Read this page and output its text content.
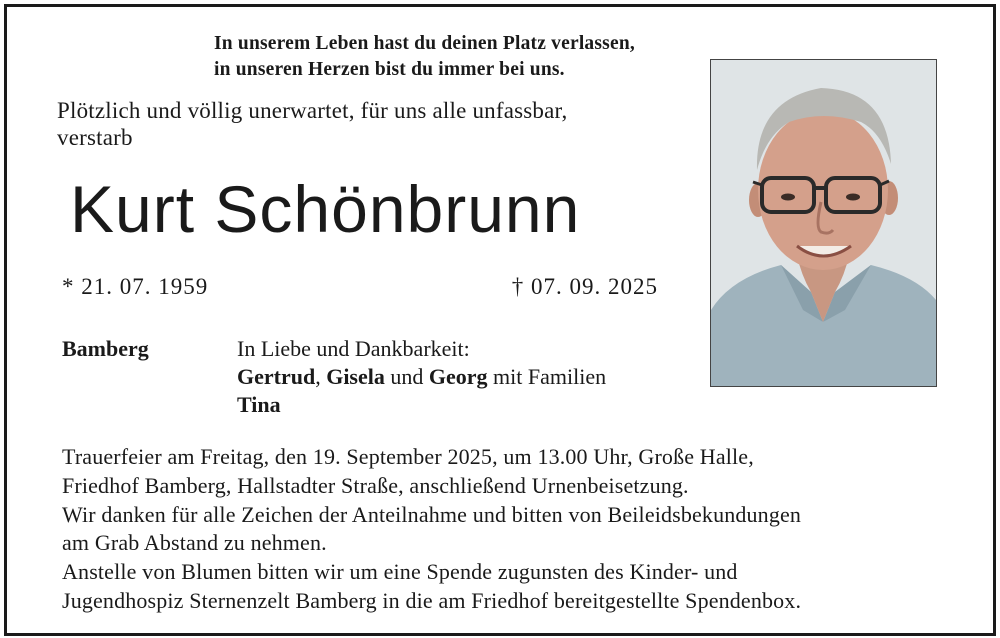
In unserem Leben hast du deinen Platz verlassen,
in unseren Herzen bist du immer bei uns.
Plötzlich und völlig unerwartet, für uns alle unfassbar,
verstarb
Kurt Schönbrunn
* 21. 07. 1959	† 07. 09. 2025
Bamberg	In Liebe und Dankbarkeit:
Gertrud, Gisela und Georg mit Familien
Tina
Trauerfeier am Freitag, den 19. September 2025, um 13.00 Uhr, Große Halle,
Friedhof Bamberg, Hallstadter Straße, anschließend Urnenbeisetzung.
Wir danken für alle Zeichen der Anteilnahme und bitten von Beileidsbekundungen
am Grab Abstand zu nehmen.
Anstelle von Blumen bitten wir um eine Spende zugunsten des Kinder- und
Jugendhospiz Sternenzelt Bamberg in die am Friedhof bereitgestellte Spendenbox.
